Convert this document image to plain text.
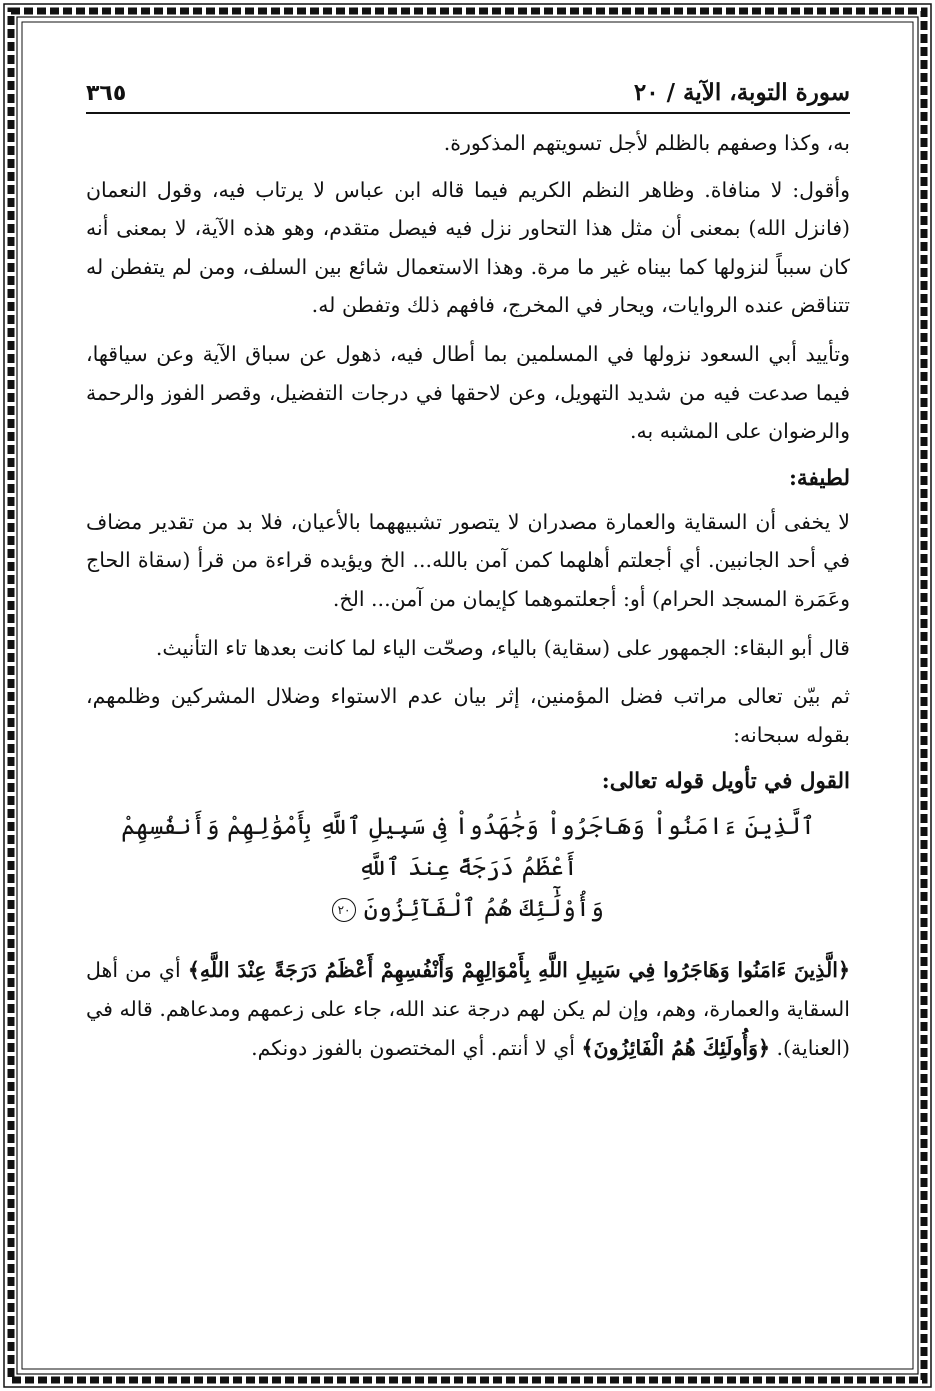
سورة التوبة، الآية / ٢٠
٣٦٥

به، وكذا وصفهم بالظلم لأجل تسويتهم المذكورة.

وأقول: لا منافاة. وظاهر النظم الكريم فيما قاله ابن عباس لا يرتاب فيه، وقول النعمان (فانزل الله) بمعنى أن مثل هذا التحاور نزل فيه فيصل متقدم، وهو هذه الآية، لا بمعنى أنه كان سبباً لنزولها كما بيناه غير ما مرة. وهذا الاستعمال شائع بين السلف، ومن لم يتفطن له تتناقض عنده الروايات، ويحار في المخرج، فافهم ذلك وتفطن له.

وتأييد أبي السعود نزولها في المسلمين بما أطال فيه، ذهول عن سباق الآية وعن سياقها، فيما صدعت فيه من شديد التهويل، وعن لاحقها في درجات التفضيل، وقصر الفوز والرحمة والرضوان على المشبه به.

لطيفة:

لا يخفى أن السقاية والعمارة مصدران لا يتصور تشبيههما بالأعيان، فلا بد من تقدير مضاف في أحد الجانبين. أي أجعلتم أهلهما كمن آمن بالله... الخ ويؤيده قراءة من قرأ (سقاة الحاج وعَمَرة المسجد الحرام) أو: أجعلتموهما كإيمان من آمن... الخ.

قال أبو البقاء: الجمهور على (سقاية) بالياء، وصحّت الياء لما كانت بعدها تاء التأنيث.

ثم بيّن تعالى مراتب فضل المؤمنين، إثر بيان عدم الاستواء وضلال المشركين وظلمهم، بقوله سبحانه:

القول في تأويل قوله تعالى:
ٱلَّذِينَ ءَامَنُواْ وَهَاجَرُواْ وَجَٰهَدُواْ فِى سَبِيلِ ٱللَّهِ بِأَمْوَٰلِهِمْ وَأَنفُسِهِمْ أَعْظَمُ دَرَجَةً عِندَ ٱللَّهِ
وَأُوْلَٰٓئِكَ هُمُ ٱلْفَآئِزُونَ ٢٠

﴿الَّذِينَ ءَامَنُوا وَهَاجَرُوا فِي سَبِيلِ اللَّهِ بِأَمْوَالِهِمْ وَأَنْفُسِهِمْ أَعْظَمُ دَرَجَةً عِنْدَ اللَّهِ﴾ أي من أهل السقاية والعمارة، وهم، وإن لم يكن لهم درجة عند الله، جاء على زعمهم ومدعاهم. قاله في (العناية). ﴿وَأُولَئِكَ هُمُ الْفَائِزُونَ﴾ أي لا أنتم. أي المختصون بالفوز دونكم.
